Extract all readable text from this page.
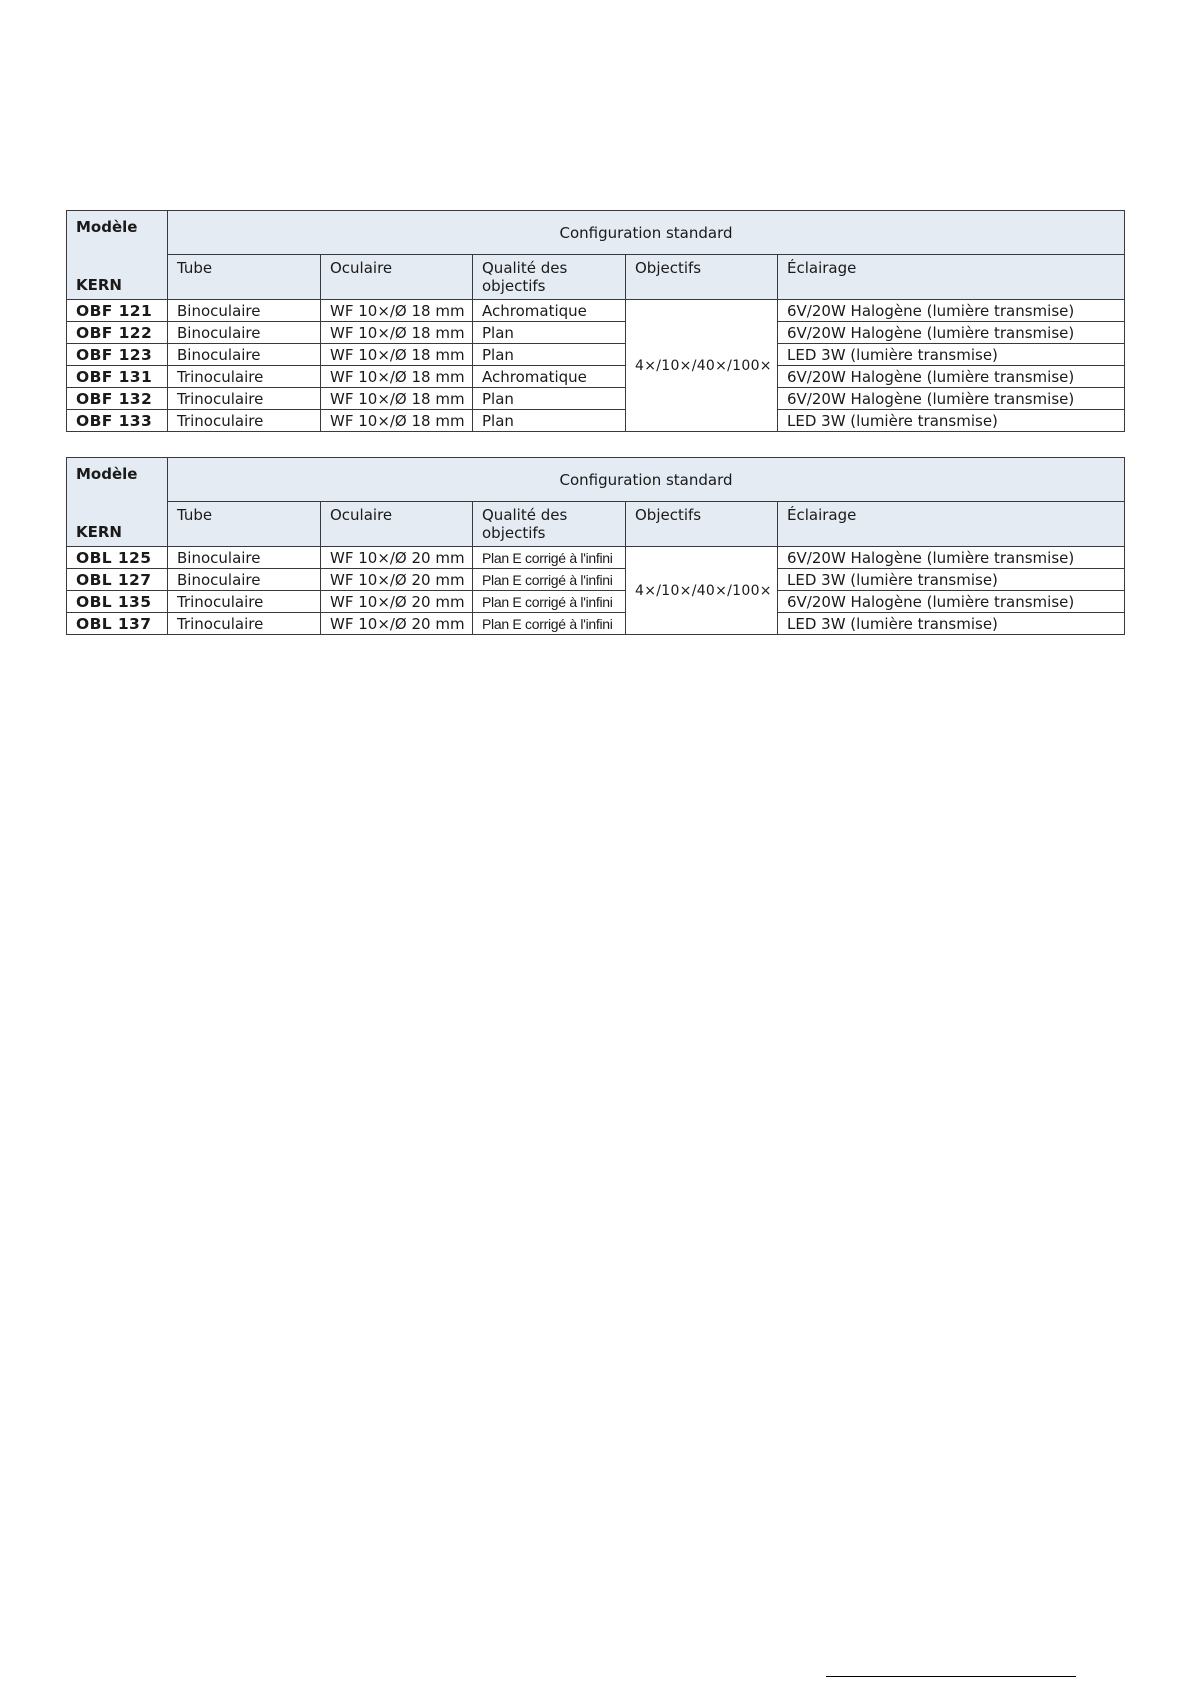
Modèle
KERN	Configuration standard				
	Tube	Oculaire	Qualité des objectifs	Objectifs	Éclairage
OBF 121	Binoculaire	WF 10×/Ø 18 mm	Achromatique	4×/10×/40×/100×	6V/20W Halogène (lumière transmise)
OBF 122	Binoculaire	WF 10×/Ø 18 mm	Plan		6V/20W Halogène (lumière transmise)
OBF 123	Binoculaire	WF 10×/Ø 18 mm	Plan		LED 3W (lumière transmise)
OBF 131	Trinoculaire	WF 10×/Ø 18 mm	Achromatique		6V/20W Halogène (lumière transmise)
OBF 132	Trinoculaire	WF 10×/Ø 18 mm	Plan		6V/20W Halogène (lumière transmise)
OBF 133	Trinoculaire	WF 10×/Ø 18 mm	Plan		LED 3W (lumière transmise)
Modèle
KERN	Configuration standard				
	Tube	Oculaire	Qualité des objectifs	Objectifs	Éclairage
OBL 125	Binoculaire	WF 10×/Ø 20 mm	Plan E corrigé à l'infini	4×/10×/40×/100×	6V/20W Halogène (lumière transmise)
OBL 127	Binoculaire	WF 10×/Ø 20 mm	Plan E corrigé à l'infini		LED 3W (lumière transmise)
OBL 135	Trinoculaire	WF 10×/Ø 20 mm	Plan E corrigé à l'infini		6V/20W Halogène (lumière transmise)
OBL 137	Trinoculaire	WF 10×/Ø 20 mm	Plan E corrigé à l'infini		LED 3W (lumière transmise)
